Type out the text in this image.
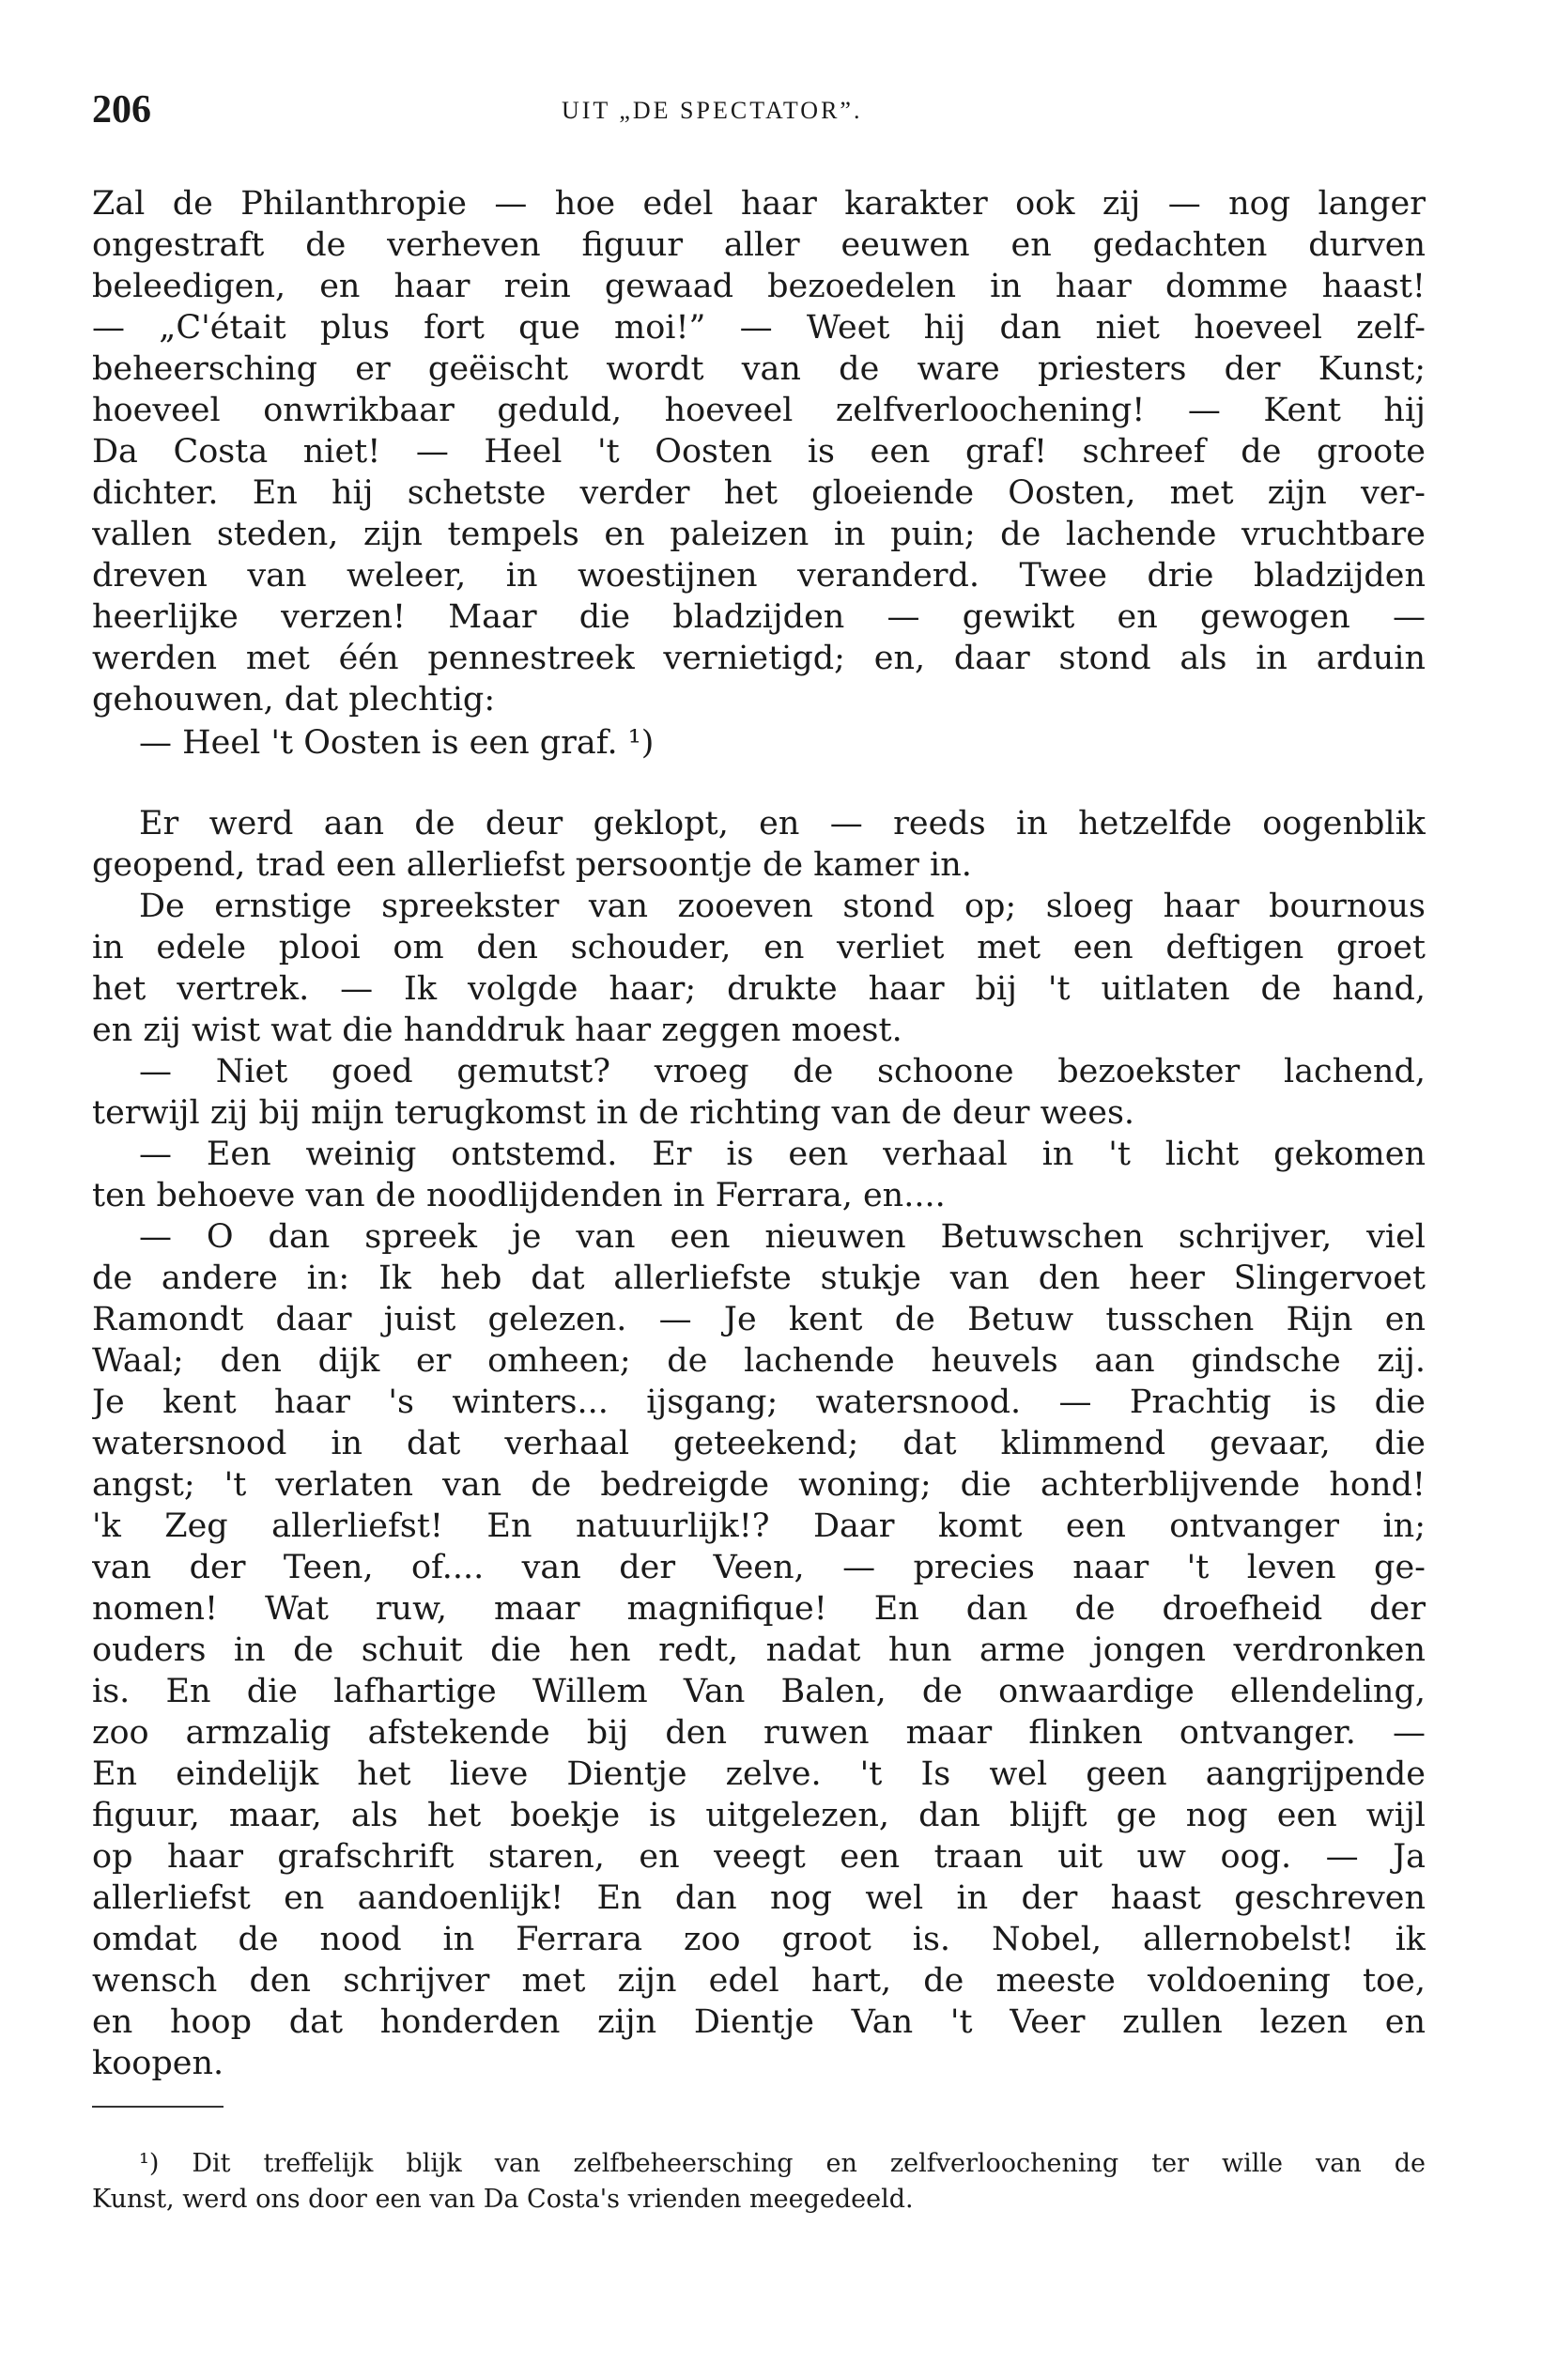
206	UIT „DE SPECTATOR”.
Zal de Philanthropie — hoe edel haar karakter ook zij — nog langer
ongestraft de verheven figuur aller eeuwen en gedachten durven
beleedigen, en haar rein gewaad bezoedelen in haar domme haast!
— „C'était plus fort que moi!” — Weet hij dan niet hoeveel zelf-
beheersching er geëischt wordt van de ware priesters der Kunst;
hoeveel onwrikbaar geduld, hoeveel zelfverloochening! — Kent hij
Da Costa niet! — Heel 't Oosten is een graf! schreef de groote
dichter. En hij schetste verder het gloeiende Oosten, met zijn ver-
vallen steden, zijn tempels en paleizen in puin; de lachende vruchtbare
dreven van weleer, in woestijnen veranderd. Twee drie bladzijden
heerlijke verzen! Maar die bladzijden — gewikt en gewogen —
werden met één pennestreek vernietigd; en, daar stond als in arduin
gehouwen, dat plechtig:
— Heel 't Oosten is een graf. ¹)
Er werd aan de deur geklopt, en — reeds in hetzelfde oogenblik
geopend, trad een allerliefst persoontje de kamer in.
De ernstige spreekster van zooeven stond op; sloeg haar bournous
in edele plooi om den schouder, en verliet met een deftigen groet
het vertrek. — Ik volgde haar; drukte haar bij 't uitlaten de hand,
en zij wist wat die handdruk haar zeggen moest.
— Niet goed gemutst? vroeg de schoone bezoekster lachend,
terwijl zij bij mijn terugkomst in de richting van de deur wees.
— Een weinig ontstemd. Er is een verhaal in 't licht gekomen
ten behoeve van de noodlijdenden in Ferrara, en....
— O dan spreek je van een nieuwen Betuwschen schrijver, viel
de andere in: Ik heb dat allerliefste stukje van den heer Slingervoet
Ramondt daar juist gelezen. — Je kent de Betuw tusschen Rijn en
Waal; den dijk er omheen; de lachende heuvels aan gindsche zij.
Je kent haar 's winters... ijsgang; watersnood. — Prachtig is die
watersnood in dat verhaal geteekend; dat klimmend gevaar, die
angst; 't verlaten van de bedreigde woning; die achterblijvende hond!
'k Zeg allerliefst! En natuurlijk!? Daar komt een ontvanger in;
van der Teen, of.... van der Veen, — precies naar 't leven ge-
nomen! Wat ruw, maar magnifique! En dan de droefheid der
ouders in de schuit die hen redt, nadat hun arme jongen verdronken
is. En die lafhartige Willem Van Balen, de onwaardige ellendeling,
zoo armzalig afstekende bij den ruwen maar flinken ontvanger. —
En eindelijk het lieve Dientje zelve. 't Is wel geen aangrijpende
figuur, maar, als het boekje is uitgelezen, dan blijft ge nog een wijl
op haar grafschrift staren, en veegt een traan uit uw oog. — Ja
allerliefst en aandoenlijk! En dan nog wel in der haast geschreven
omdat de nood in Ferrara zoo groot is. Nobel, allernobelst! ik
wensch den schrijver met zijn edel hart, de meeste voldoening toe,
en hoop dat honderden zijn Dientje Van 't Veer zullen lezen en
koopen.
¹) Dit treffelijk blijk van zelfbeheersching en zelfverloochening ter wille van de
Kunst, werd ons door een van Da Costa's vrienden meegedeeld.
